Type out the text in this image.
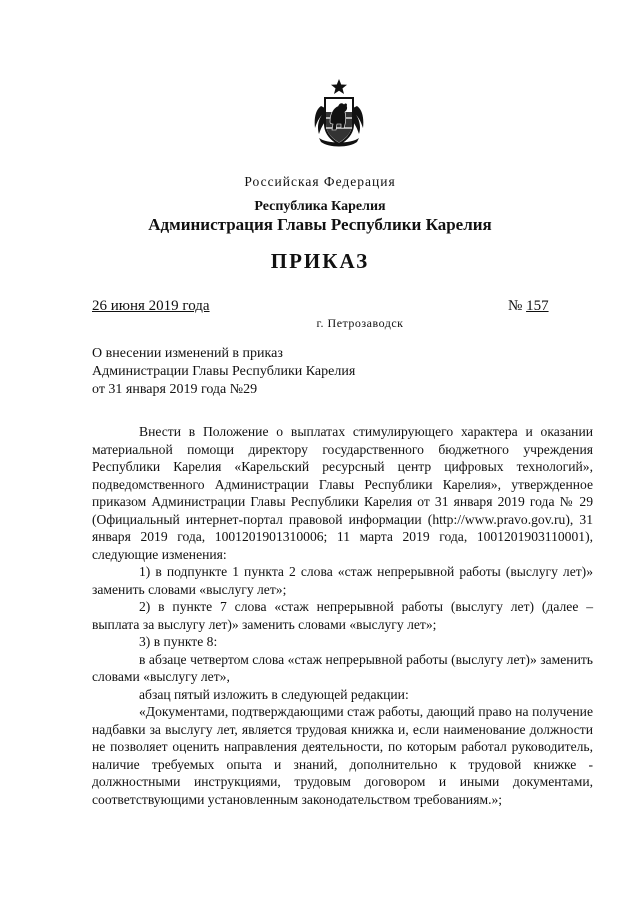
Российская Федерация
Республика Карелия
Администрация Главы Республики Карелия
ПРИКАЗ
26 июня 2019 года	№ 157
г. Петрозаводск
О внесении изменений в приказ
Администрации Главы Республики Карелия
от 31 января 2019 года №29

Внести в Положение о выплатах стимулирующего характера и оказании материальной помощи директору государственного бюджетного учреждения Республики Карелия «Карельский ресурсный центр цифровых технологий», подведомственного Администрации Главы Республики Карелия», утвержденное приказом Администрации Главы Республики Карелия от 31 января 2019 года № 29 (Официальный интернет-портал правовой информации (http://www.pravo.gov.ru), 31 января 2019 года, 1001201901310006; 11 марта 2019 года, 1001201903110001), следующие изменения:

1) в подпункте 1 пункта 2 слова «стаж непрерывной работы (выслугу лет)» заменить словами «выслугу лет»;

2) в пункте 7 слова «стаж непрерывной работы (выслугу лет) (далее – выплата за выслугу лет)» заменить словами «выслугу лет»;

3) в пункте 8:

в абзаце четвертом слова «стаж непрерывной работы (выслугу лет)» заменить словами «выслугу лет»,

абзац пятый изложить в следующей редакции:

«Документами, подтверждающими стаж работы, дающий право на получение надбавки за выслугу лет, является трудовая книжка и, если наименование должности не позволяет оценить направления деятельности, по которым работал руководитель, наличие требуемых опыта и знаний, дополнительно к трудовой книжке - должностными инструкциями, трудовым договором и иными документами, соответствующими установленным законодательством требованиям.»;
